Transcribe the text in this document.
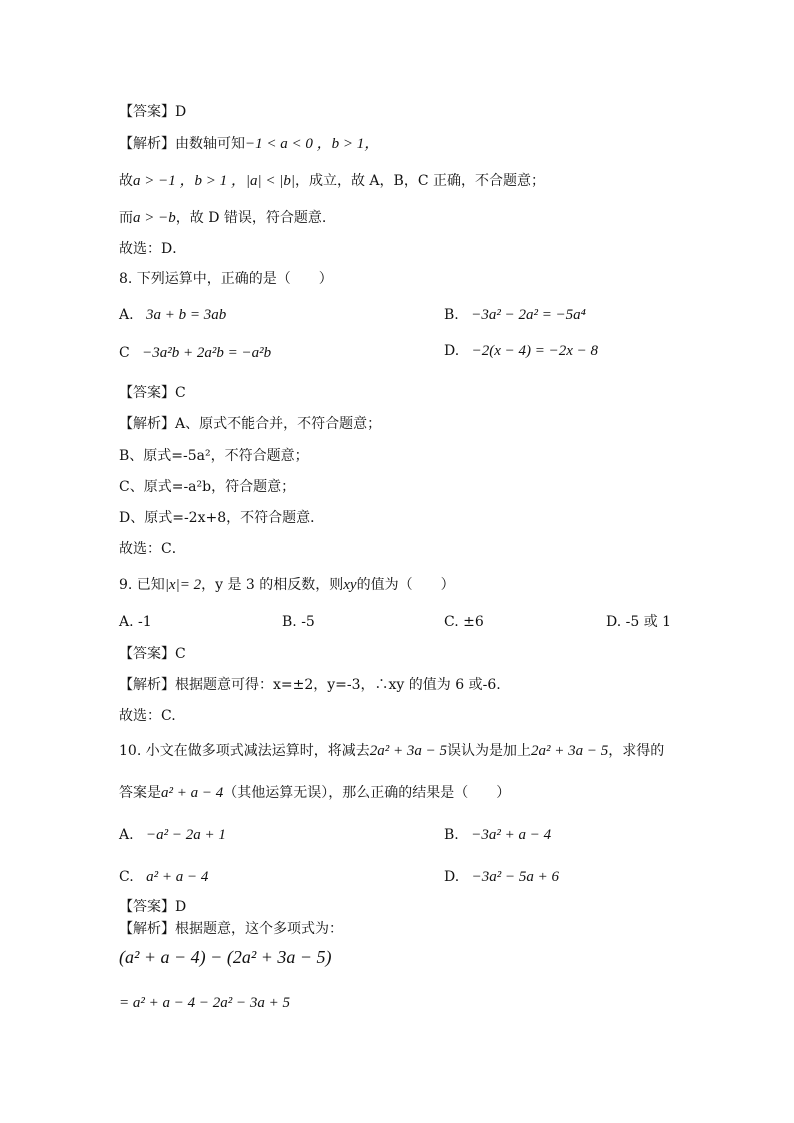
【答案】D
【解析】由数轴可知−1 < a < 0 ，b > 1，
故a > −1 ，b > 1 ，|a| < |b|，成立，故 A，B，C 正确，不合题意；
而a > −b，故 D 错误，符合题意.
故选：D．
8. 下列运算中，正确的是（　　）
A. 3a + b = 3ab	B. −3a² − 2a² = −5a⁴
C −3a²b + 2a²b = −a²b	D. −2(x − 4) = −2x − 8
【答案】C
【解析】A、原式不能合并，不符合题意；
B、原式=-5a²，不符合题意；
C、原式=-a²b，符合题意；
D、原式=-2x+8，不符合题意．
故选：C．
9. 已知|x|= 2，y 是 3 的相反数，则xy的值为（　　）
A. -1	B. -5	C. ±6	D. -5 或 1
【答案】C
【解析】根据题意可得：x=±2，y=-3，∴xy 的值为 6 或-6.
故选：C.
10. 小文在做多项式减法运算时，将减去2a² + 3a − 5误认为是加上2a² + 3a − 5，求得的
答案是a² + a − 4（其他运算无误），那么正确的结果是（　　）
A. −a² − 2a + 1	B. −3a² + a − 4
C. a² + a − 4	D. −3a² − 5a + 6
【答案】D
【解析】根据题意，这个多项式为：
(a² + a − 4) − (2a² + 3a − 5)
= a² + a − 4 − 2a² − 3a + 5
